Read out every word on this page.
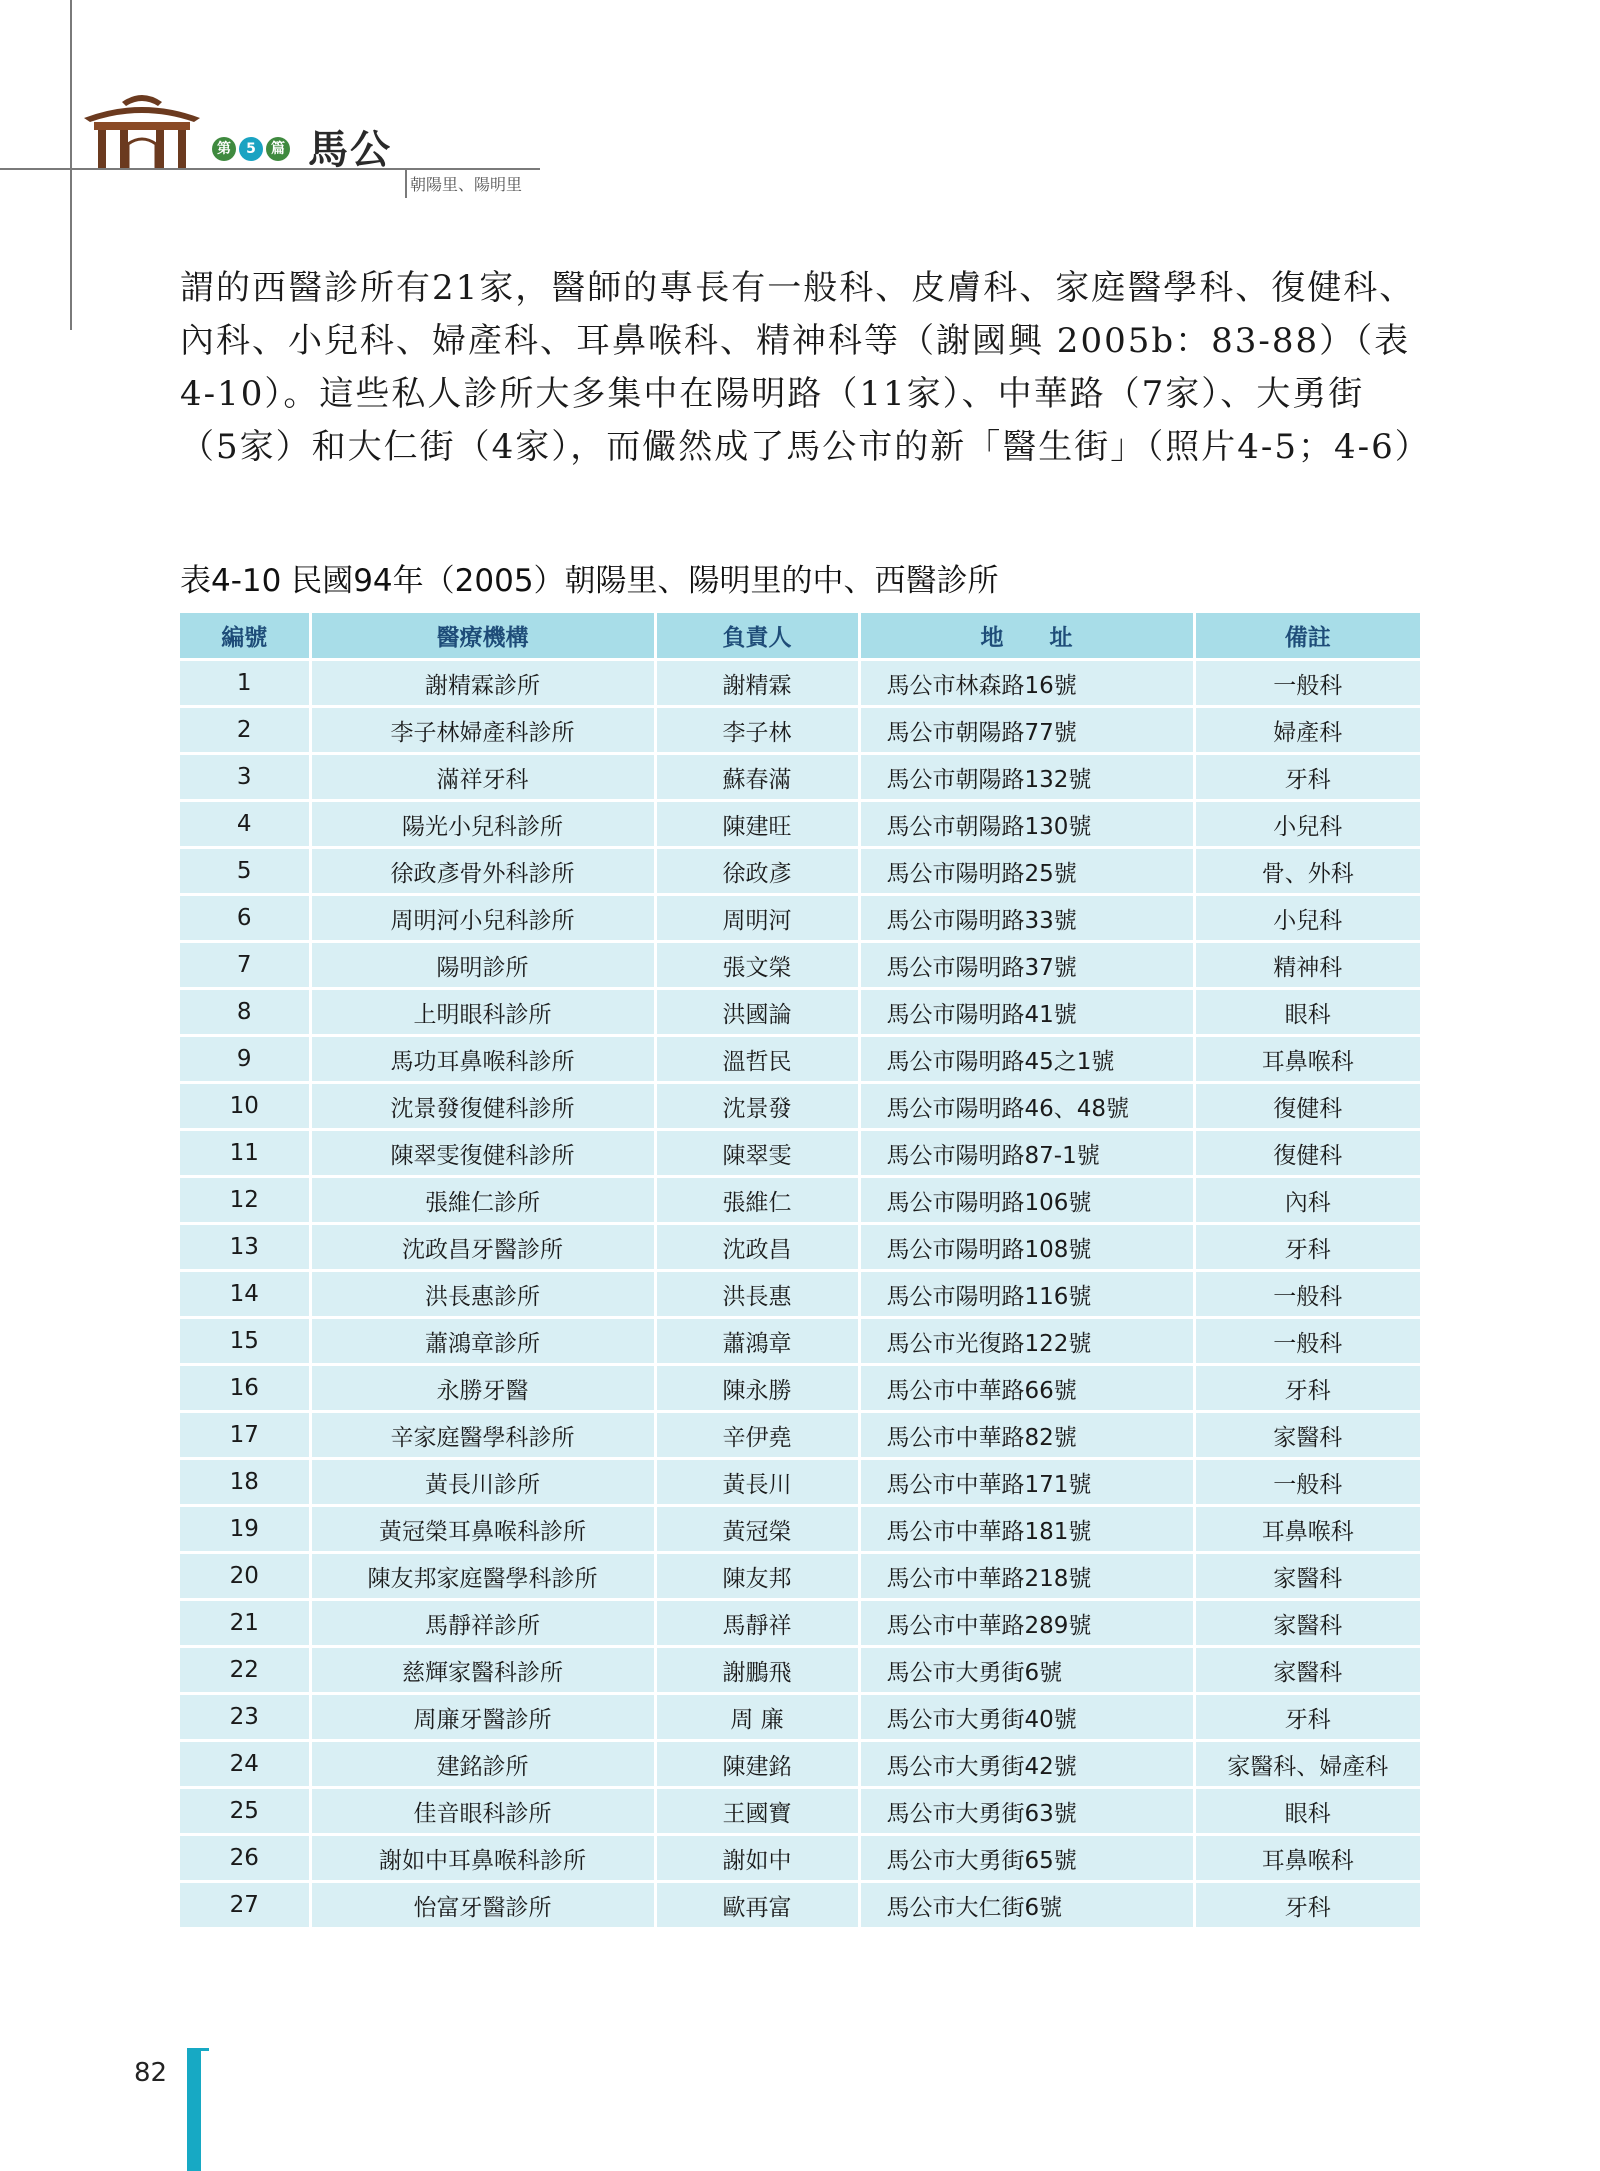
第	5	篇 馬公
朝陽里、陽明里
謂的西醫診所有21家，醫師的專長有一般科、皮膚科、家庭醫學科、復健科、內科、小兒科、婦產科、耳鼻喉科、精神科等（謝國興 2005b：83-88）（表4-10）。這些私人診所大多集中在陽明路（11家）、中華路（7家）、大勇街（5家）和大仁街（4家），而儼然成了馬公市的新「醫生街」（照片4-5；4-6）
表4-10 民國94年（2005）朝陽里、陽明里的中、西醫診所
編號	醫療機構	負責人	地　　址	備註
1	謝精霖診所	謝精霖	馬公市林森路16號	一般科
2	李子林婦產科診所	李子林	馬公市朝陽路77號	婦產科
3	滿祥牙科	蘇春滿	馬公市朝陽路132號	牙科
4	陽光小兒科診所	陳建旺	馬公市朝陽路130號	小兒科
5	徐政彥骨外科診所	徐政彥	馬公市陽明路25號	骨、外科
6	周明河小兒科診所	周明河	馬公市陽明路33號	小兒科
7	陽明診所	張文榮	馬公市陽明路37號	精神科
8	上明眼科診所	洪國論	馬公市陽明路41號	眼科
9	馬功耳鼻喉科診所	溫哲民	馬公市陽明路45之1號	耳鼻喉科
10	沈景發復健科診所	沈景發	馬公市陽明路46、48號	復健科
11	陳翠雯復健科診所	陳翠雯	馬公市陽明路87-1號	復健科
12	張維仁診所	張維仁	馬公市陽明路106號	內科
13	沈政昌牙醫診所	沈政昌	馬公市陽明路108號	牙科
14	洪長惠診所	洪長惠	馬公市陽明路116號	一般科
15	蕭鴻章診所	蕭鴻章	馬公市光復路122號	一般科
16	永勝牙醫	陳永勝	馬公市中華路66號	牙科
17	辛家庭醫學科診所	辛伊堯	馬公市中華路82號	家醫科
18	黃長川診所	黃長川	馬公市中華路171號	一般科
19	黃冠榮耳鼻喉科診所	黃冠榮	馬公市中華路181號	耳鼻喉科
20	陳友邦家庭醫學科診所	陳友邦	馬公市中華路218號	家醫科
21	馬靜祥診所	馬靜祥	馬公市中華路289號	家醫科
22	慈輝家醫科診所	謝鵬飛	馬公市大勇街6號	家醫科
23	周廉牙醫診所	周 廉	馬公市大勇街40號	牙科
24	建銘診所	陳建銘	馬公市大勇街42號	家醫科、婦產科
25	佳音眼科診所	王國寶	馬公市大勇街63號	眼科
26	謝如中耳鼻喉科診所	謝如中	馬公市大勇街65號	耳鼻喉科
27	怡富牙醫診所	歐再富	馬公市大仁街6號	牙科
82
